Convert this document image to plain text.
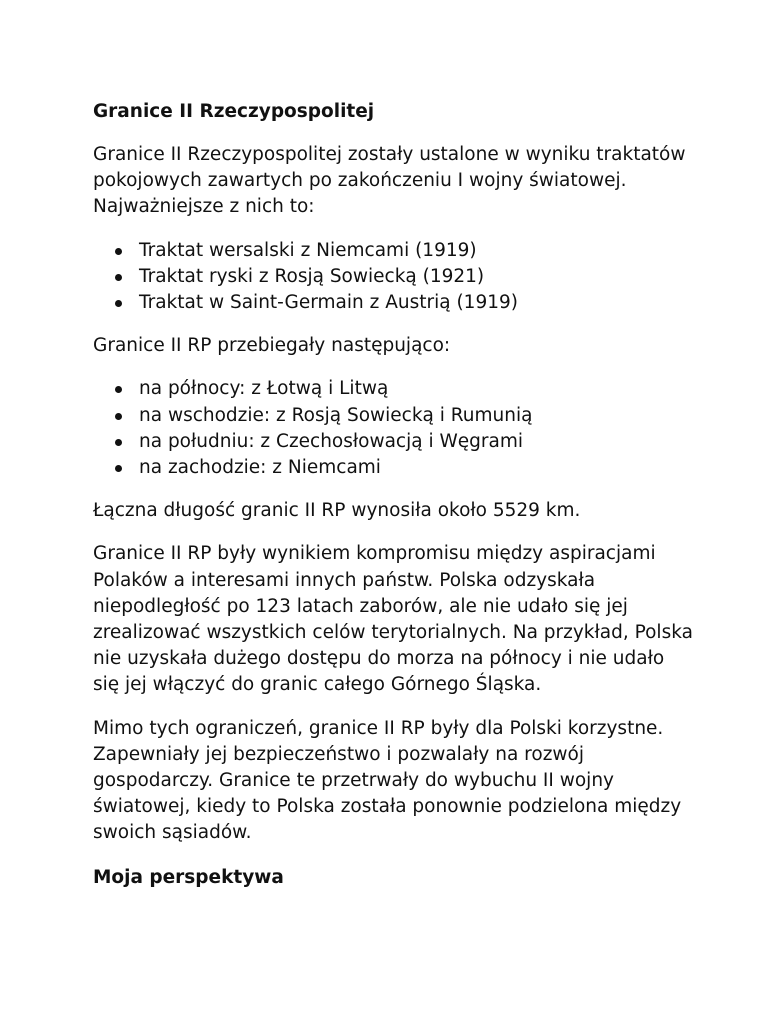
Granice II Rzeczypospolitej

Granice II Rzeczypospolitej zostały ustalone w wyniku traktatów pokojowych zawartych po zakończeniu I wojny światowej. Najważniejsze z nich to:

Traktat wersalski z Niemcami (1919)
Traktat ryski z Rosją Sowiecką (1921)
Traktat w Saint-Germain z Austrią (1919)

Granice II RP przebiegały następująco:

na północy: z Łotwą i Litwą
na wschodzie: z Rosją Sowiecką i Rumunią
na południu: z Czechosłowacją i Węgrami
na zachodzie: z Niemcami

Łączna długość granic II RP wynosiła około 5529 km.

Granice II RP były wynikiem kompromisu między aspiracjami Polaków a interesami innych państw. Polska odzyskała niepodległość po 123 latach zaborów, ale nie udało się jej zrealizować wszystkich celów terytorialnych. Na przykład, Polska nie uzyskała dużego dostępu do morza na północy i nie udało się jej włączyć do granic całego Górnego Śląska.

Mimo tych ograniczeń, granice II RP były dla Polski korzystne. Zapewniały jej bezpieczeństwo i pozwalały na rozwój gospodarczy. Granice te przetrwały do wybuchu II wojny światowej, kiedy to Polska została ponownie podzielona między swoich sąsiadów.

Moja perspektywa
